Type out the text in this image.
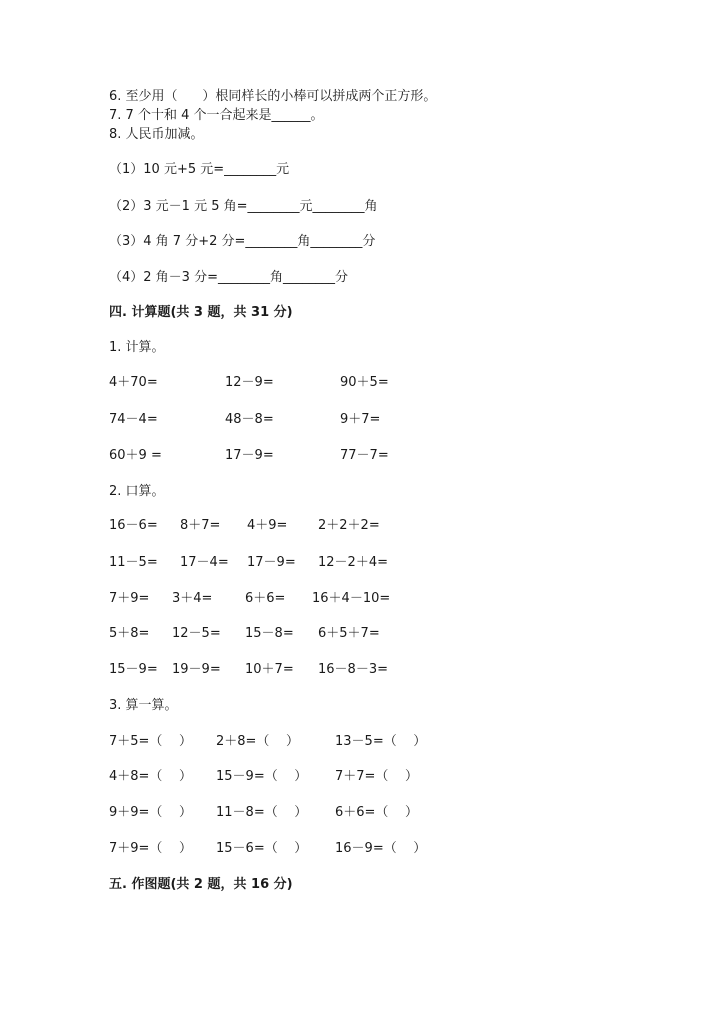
6. 至少用（      ）根同样长的小棒可以拼成两个正方形。
7. 7 个十和 4 个一合起来是______。
8. 人民币加减。
（1）10 元+5 元=________元
（2）3 元－1 元 5 角=________元________角
（3）4 角 7 分+2 分=________角________分
（4）2 角－3 分=________角________分
四. 计算题(共 3 题，共 31 分)
1. 计算。
4＋70=	12－9=	90＋5=
74－4=	48－8=	9＋7=
60＋9 =	17－9=	77－7=
2. 口算。
16－6= 8＋7= 4＋9= 2＋2＋2=
11－5= 17－4= 17－9= 12－2＋4=
7＋9= 3＋4=	6＋6= 16＋4－10=
5＋8= 12－5= 15－8= 6＋5＋7=
15－9= 19－9= 10＋7= 16－8－3=
3. 算一算。
7＋5=（    ） 2＋8=（    ）	13－5=（    ）
4＋8=（    ） 15－9=（    ） 7＋7=（    ）
9＋9=（    ） 11－8=（    ） 6＋6=（    ）
7＋9=（    ） 15－6=（    ） 16－9=（    ）
五. 作图题(共 2 题，共 16 分)
